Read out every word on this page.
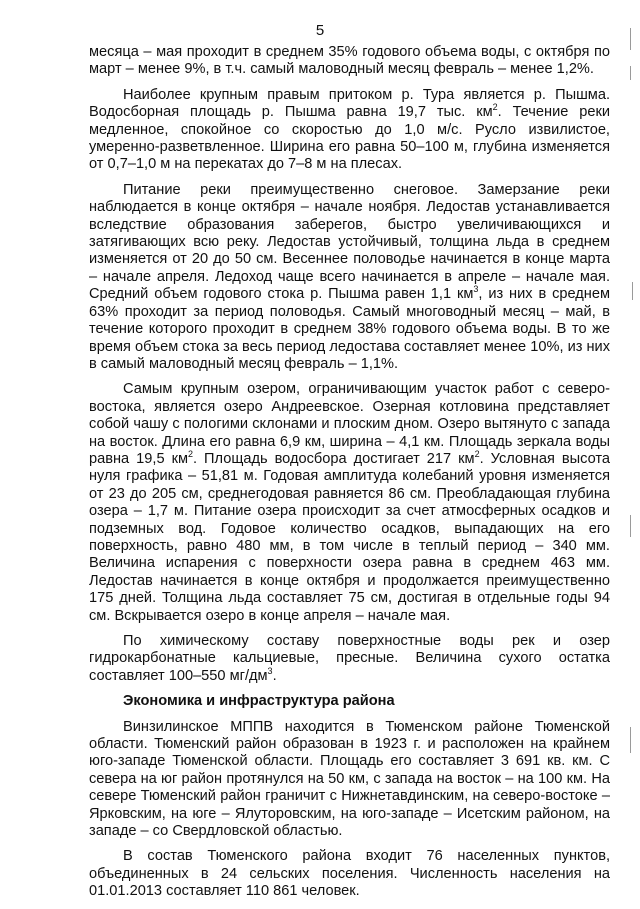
5

месяца – мая проходит в среднем 35% годового объема воды, с октября по март – менее 9%, в т.ч. самый маловодный месяц февраль – менее 1,2%.

Наиболее крупным правым притоком р. Тура является р. Пышма. Водосборная площадь р. Пышма равна 19,7 тыс. $км^2$. Течение реки медленное, спокойное со скоростью до 1,0 м/с. Русло извилистое, умеренно-разветвленное. Ширина его равна 50–100 м, глубина изменяется от 0,7–1,0 м на перекатах до 7–8 м на плесах.

Питание реки преимущественно снеговое. Замерзание реки наблюдается в конце октября – начале ноября. Ледостав устанавливается вследствие образования заберегов, быстро увеличивающихся и затягивающих всю реку. Ледостав устойчивый, толщина льда в среднем изменяется от 20 до 50 см. Весеннее половодье начинается в конце марта – начале апреля. Ледоход чаще всего начинается в апреле – начале мая. Средний объем годового стока р. Пышма равен 1,1 $км^3$, из них в среднем 63% проходит за период половодья. Самый многоводный месяц – май, в течение которого проходит в среднем 38% годового объема воды. В то же время объем стока за весь период ледостава составляет менее 10%, из них в самый маловодный месяц февраль – 1,1%.

Самым крупным озером, ограничивающим участок работ с северо-востока, является озеро Андреевское. Озерная котловина представляет собой чашу с пологими склонами и плоским дном. Озеро вытянуто с запада на восток. Длина его равна 6,9 км, ширина – 4,1 км. Площадь зеркала воды равна 19,5 $км^2$. Площадь водосбора достигает 217 $км^2$. Условная высота нуля графика – 51,81 м. Годовая амплитуда колебаний уровня изменяется от 23 до 205 см, среднегодовая равняется 86 см. Преобладающая глубина озера – 1,7 м. Питание озера происходит за счет атмосферных осадков и подземных вод. Годовое количество осадков, выпадающих на его поверхность, равно 480 мм, в том числе в теплый период – 340 мм. Величина испарения с поверхности озера равна в среднем 463 мм. Ледостав начинается в конце октября и продолжается преимущественно 175 дней. Толщина льда составляет 75 см, достигая в отдельные годы 94 см. Вскрывается озеро в конце апреля – начале мая.

По химическому составу поверхностные воды рек и озер гидрокарбонатные кальциевые, пресные. Величина сухого остатка составляет 100–550 $мг/дм^3$.

Экономика и инфраструктура района

Винзилинское МППВ находится в Тюменском районе Тюменской области. Тюменский район образован в 1923 г. и расположен на крайнем юго-западе Тюменской области. Площадь его составляет 3 691 кв. км. С севера на юг район протянулся на 50 км, с запада на восток – на 100 км. На севере Тюменский район граничит с Нижнетавдинским, на северо-востоке – Ярковским, на юге – Ялуторовским, на юго-западе – Исетским районом, на западе – со Свердловской областью.

В состав Тюменского района входит 76 населенных пунктов, объединенных в 24 сельских поселения. Численность населения на 01.01.2013 составляет 110 861 человек.
